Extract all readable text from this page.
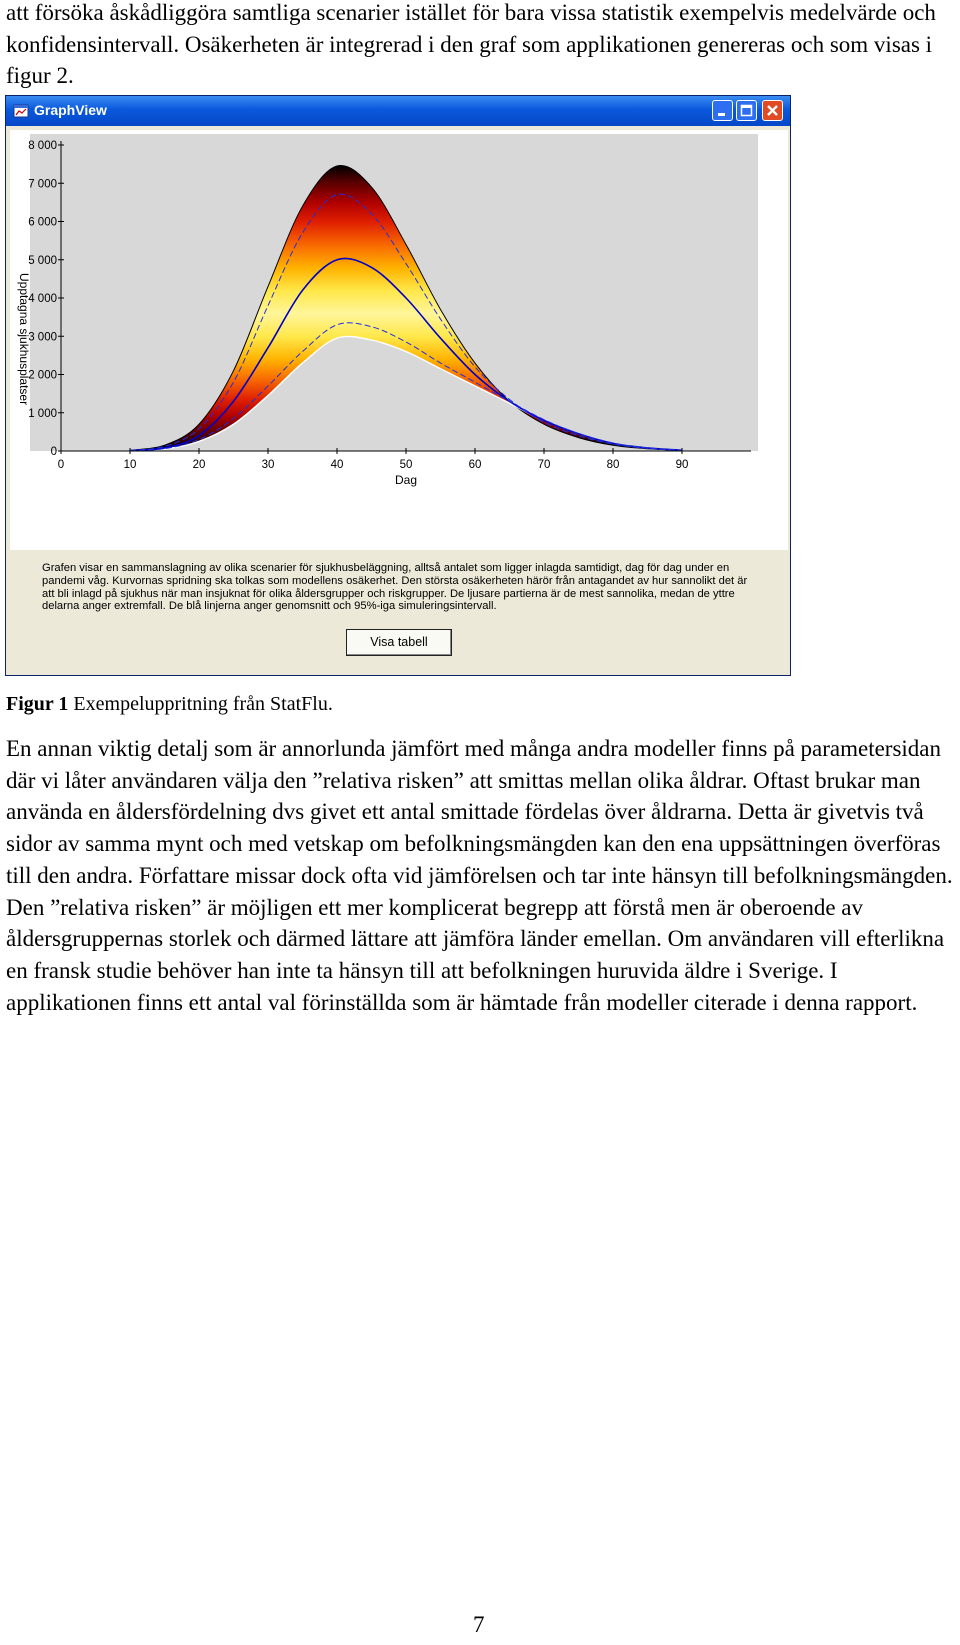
att försöka åskådliggöra samtliga scenarier istället för bara vissa statistik exempelvis medelvärde och konfidensintervall. Osäkerheten är integrerad i den graf som applikationen genereras och som visas i figur 2.

GraphView
0
1 000
2 000
3 000
4 000
5 000
6 000
7 000
8 000
0	10	20	30	40	50	60	70	80	90
Upptagna sjukhusplatser
Dag

Grafen visar en sammanslagning av olika scenarier för sjukhusbeläggning, alltså antalet som ligger inlagda samtidigt, dag för dag under en pandemi våg. Kurvornas spridning ska tolkas som modellens osäkerhet. Den största osäkerheten härör från antagandet av hur sannolikt det är att bli inlagd på sjukhus när man insjuknat för olika åldersgrupper och riskgrupper. De ljusare partierna är de mest sannolika, medan de yttre delarna anger extremfall. De blå linjerna anger genomsnitt och 95%-iga simuleringsintervall.

Visa tabell
Figur 1 Exempeluppritning från StatFlu.

En annan viktig detalj som är annorlunda jämfört med många andra modeller finns på parametersidan där vi låter användaren välja den ”relativa risken” att smittas mellan olika åldrar. Oftast brukar man använda en åldersfördelning dvs givet ett antal smittade fördelas över åldrarna. Detta är givetvis två sidor av samma mynt och med vetskap om befolkningsmängden kan den ena uppsättningen överföras till den andra. Författare missar dock ofta vid jämförelsen och tar inte hänsyn till befolkningsmängden. Den ”relativa risken” är möjligen ett mer komplicerat begrepp att förstå men är oberoende av åldersgruppernas storlek och därmed lättare att jämföra länder emellan. Om användaren vill efterlikna en fransk studie behöver han inte ta hänsyn till att befolkningen huruvida äldre i Sverige. I applikationen finns ett antal val förinställda som är hämtade från modeller citerade i denna rapport.

7
